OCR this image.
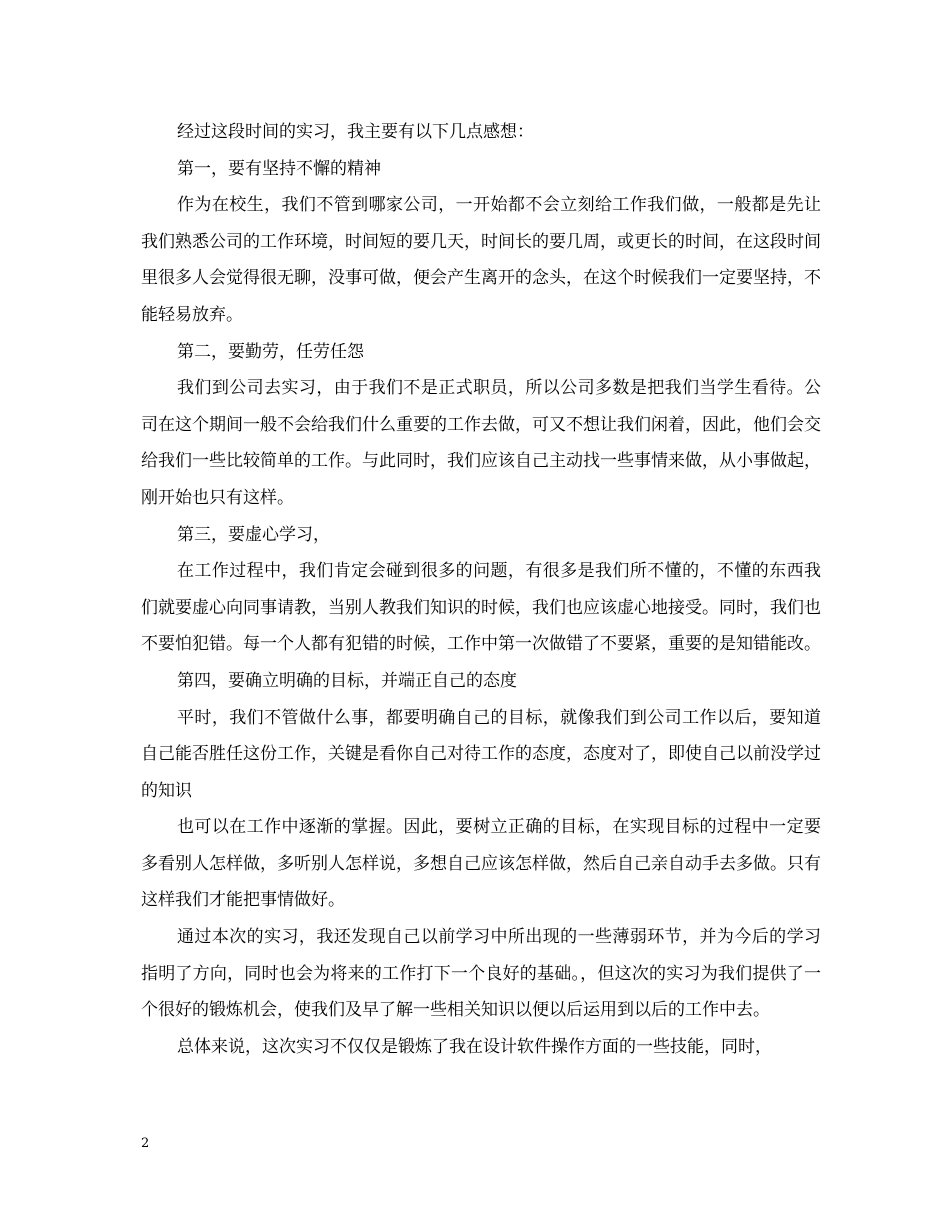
经过这段时间的实习，我主要有以下几点感想：

第一，要有坚持不懈的精神

作为在校生，我们不管到哪家公司，一开始都不会立刻给工作我们做，一般都是先让我们熟悉公司的工作环境，时间短的要几天，时间长的要几周，或更长的时间，在这段时间里很多人会觉得很无聊，没事可做，便会产生离开的念头，在这个时候我们一定要坚持，不能轻易放弃。

第二，要勤劳，任劳任怨

我们到公司去实习，由于我们不是正式职员，所以公司多数是把我们当学生看待。公司在这个期间一般不会给我们什么重要的工作去做，可又不想让我们闲着，因此，他们会交给我们一些比较简单的工作。与此同时，我们应该自己主动找一些事情来做，从小事做起，刚开始也只有这样。

第三，要虚心学习，

在工作过程中，我们肯定会碰到很多的问题，有很多是我们所不懂的，不懂的东西我们就要虚心向同事请教，当别人教我们知识的时候，我们也应该虚心地接受。同时，我们也不要怕犯错。每一个人都有犯错的时候，工作中第一次做错了不要紧，重要的是知错能改。

第四，要确立明确的目标，并端正自己的态度

平时，我们不管做什么事，都要明确自己的目标，就像我们到公司工作以后，要知道自己能否胜任这份工作，关键是看你自己对待工作的态度，态度对了，即使自己以前没学过的知识

也可以在工作中逐渐的掌握。因此，要树立正确的目标，在实现目标的过程中一定要多看别人怎样做，多听别人怎样说，多想自己应该怎样做，然后自己亲自动手去多做。只有这样我们才能把事情做好。

通过本次的实习，我还发现自己以前学习中所出现的一些薄弱环节，并为今后的学习指明了方向，同时也会为将来的工作打下一个良好的基础。，但这次的实习为我们提供了一个很好的锻炼机会，使我们及早了解一些相关知识以便以后运用到以后的工作中去。

总体来说，这次实习不仅仅是锻炼了我在设计软件操作方面的一些技能，同时，

2
